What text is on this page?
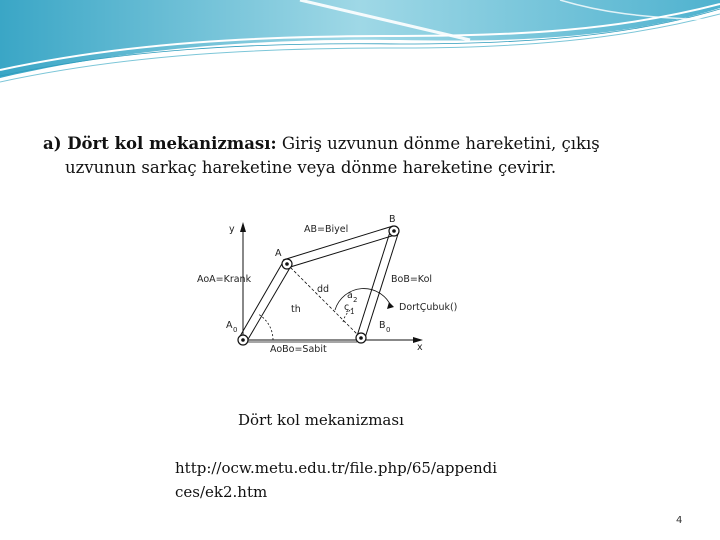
a) Dört kol mekanizması: Giriş uzvunun dönme hareketini, çıkış
uzvunun sarkaç hareketine veya dönme hareketine çevirir.
y
x
AB=Biyel
B
A
AoA=Krank	BoB=Kol
dd
th
a 2
ç 1	DortÇubuk()
A 0	B 0
AoBo=Sabit
Dört kol mekanizması
http://ocw.metu.edu.tr/file.php/65/appendi
ces/ek2.htm
4
